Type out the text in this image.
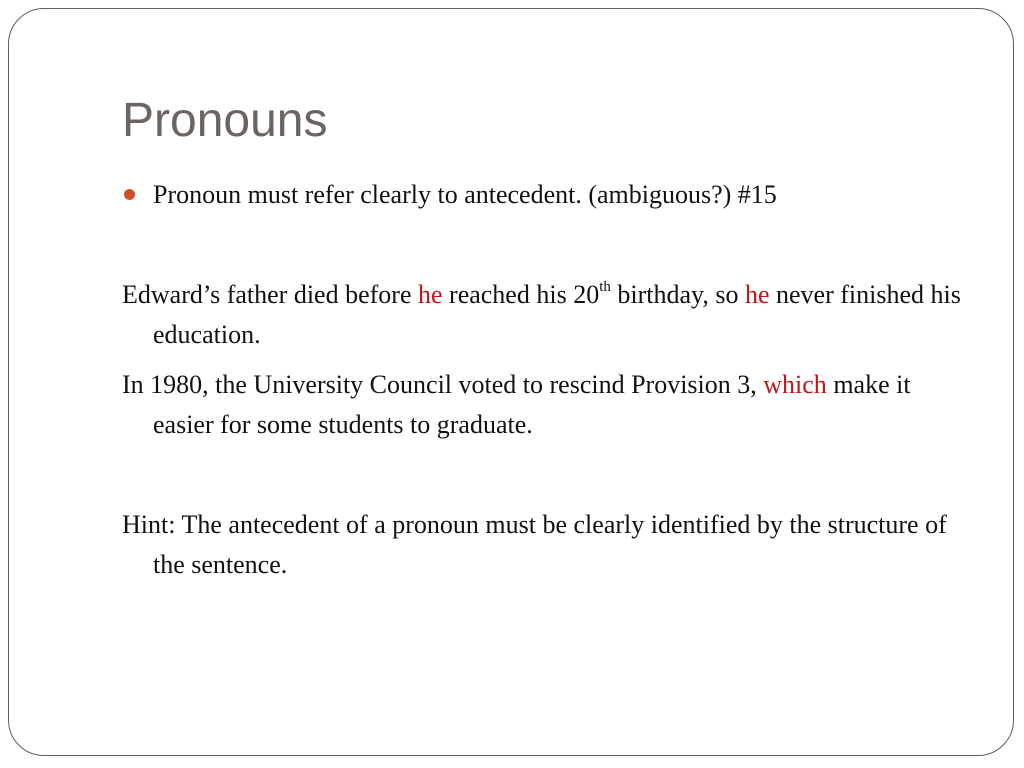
Pronouns

Pronoun must refer clearly to antecedent. (ambiguous?) #15

Edward’s father died before he reached his 20th birthday, so he never finished his education.

In 1980, the University Council voted to rescind Provision 3, which make it easier for some students to graduate.

Hint: The antecedent of a pronoun must be clearly identified by the structure of the sentence.
